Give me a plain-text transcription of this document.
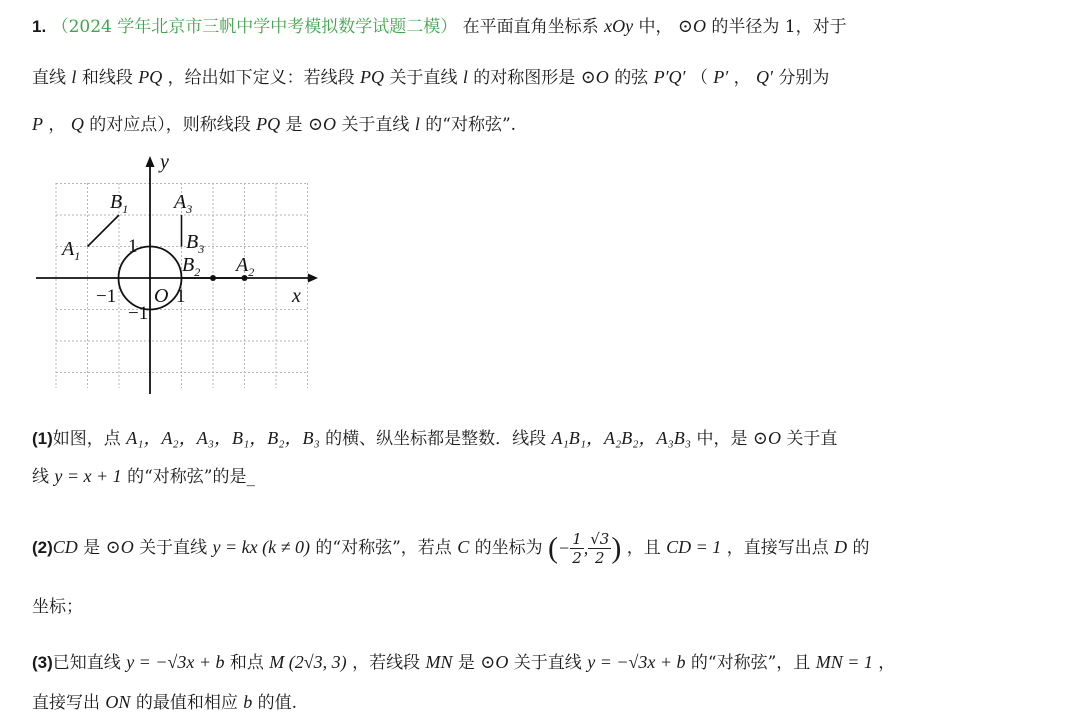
1. （2024 学年北京市三帆中学中考模拟数学试题二模） 在平面直角坐标系 xOy 中， ⊙O 的半径为 1，对于
直线 l 和线段 PQ ，给出如下定义：若线段 PQ 关于直线 l 的对称图形是 ⊙O 的弦 P′Q′ （ P′ ， Q′ 分别为
P ， Q 的对应点），则称线段 PQ 是 ⊙O 关于直线 l 的“对称弦”.
y
x
O
$B_1$
$A_1$
$A_3$
$B_3$
$B_2$ $A_2$
1
1
−1
−1
(1)如图，点 A₁，A₂，A₃，B₁，B₂，B₃ 的横、纵坐标都是整数．线段 A₁B₁，A₂B₂，A₃B₃ 中，是 ⊙O 关于直
线 y = x + 1 的“对称弦”的是_
(2)CD 是 ⊙O 关于直线 y = kx (k ≠ 0) 的“对称弦”，若点 C 的坐标为 (− $\frac{1}{2}$ , $\frac{√3}{2}$ ) ，且 CD = 1 ，直接写出点 D 的
坐标；
(3)已知直线 y = −√3x + b 和点 M (2√3, 3) ，若线段 MN 是 ⊙O 关于直线 y = −√3x + b 的“对称弦”，且 MN = 1 ，
直接写出 ON 的最值和相应 b 的值.
